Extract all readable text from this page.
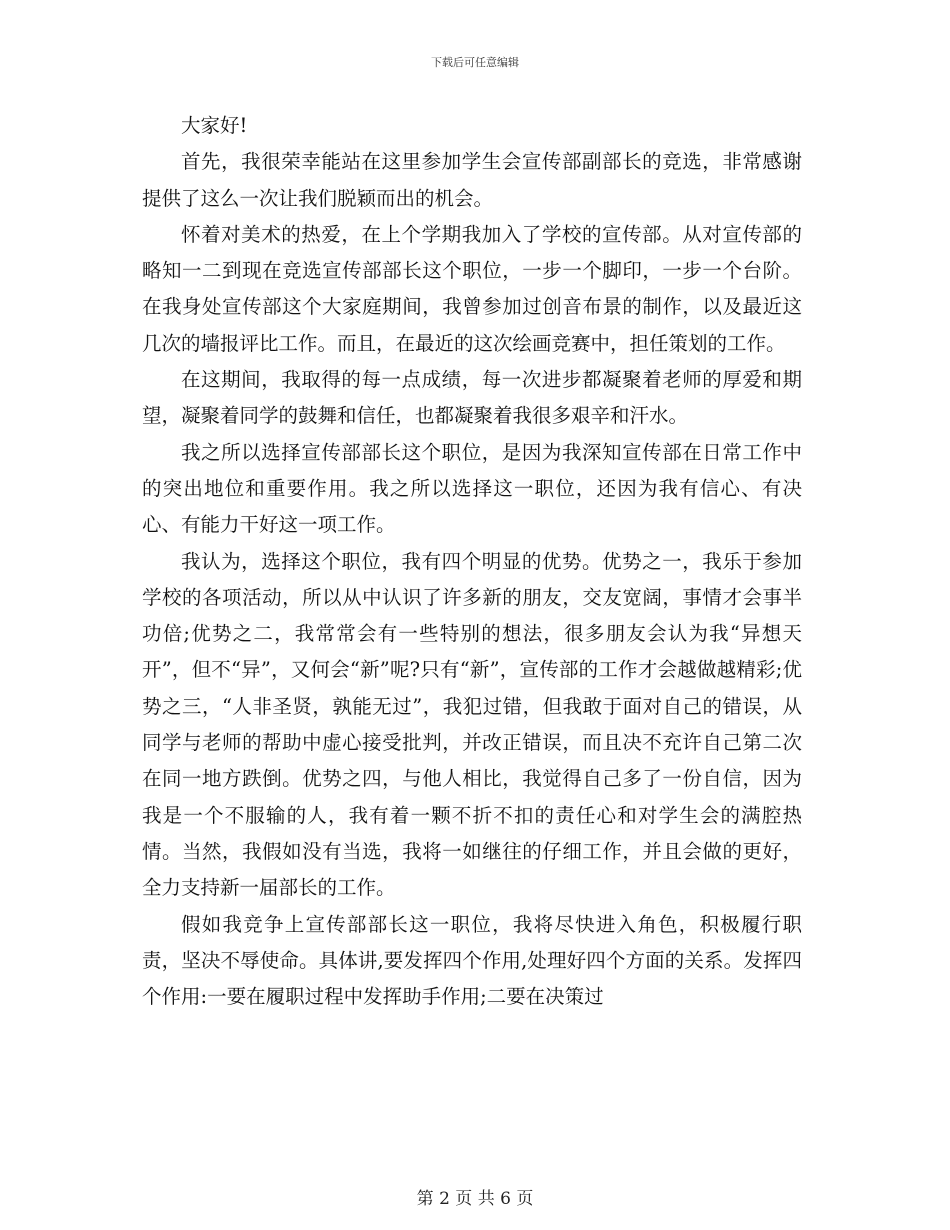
下载后可任意编辑

大家好!

首先，我很荣幸能站在这里参加学生会宣传部副部长的竞选，非常感谢提供了这么一次让我们脱颖而出的机会。

怀着对美术的热爱，在上个学期我加入了学校的宣传部。从对宣传部的略知一二到现在竞选宣传部部长这个职位，一步一个脚印，一步一个台阶。在我身处宣传部这个大家庭期间，我曾参加过创音布景的制作，以及最近这几次的墙报评比工作。而且，在最近的这次绘画竞赛中，担任策划的工作。

在这期间，我取得的每一点成绩，每一次进步都凝聚着老师的厚爱和期望，凝聚着同学的鼓舞和信任，也都凝聚着我很多艰辛和汗水。

我之所以选择宣传部部长这个职位，是因为我深知宣传部在日常工作中的突出地位和重要作用。我之所以选择这一职位，还因为我有信心、有决心、有能力干好这一项工作。

我认为，选择这个职位，我有四个明显的优势。优势之一，我乐于参加学校的各项活动，所以从中认识了许多新的朋友，交友宽阔，事情才会事半功倍;优势之二，我常常会有一些特别的想法，很多朋友会认为我“异想天开”，但不“异”，又何会“新”呢?只有“新”，宣传部的工作才会越做越精彩;优势之三，“人非圣贤，孰能无过”，我犯过错，但我敢于面对自己的错误，从同学与老师的帮助中虚心接受批判，并改正错误，而且决不充许自己第二次在同一地方跌倒。优势之四，与他人相比，我觉得自己多了一份自信，因为我是一个不服输的人，我有着一颗不折不扣的责任心和对学生会的满腔热情。当然，我假如没有当选，我将一如继往的仔细工作，并且会做的更好，全力支持新一届部长的工作。

假如我竞争上宣传部部长这一职位，我将尽快进入角色，积极履行职责，坚决不辱使命。具体讲,要发挥四个作用,处理好四个方面的关系。发挥四个作用:一要在履职过程中发挥助手作用;二要在决策过

第 2 页 共 6 页
